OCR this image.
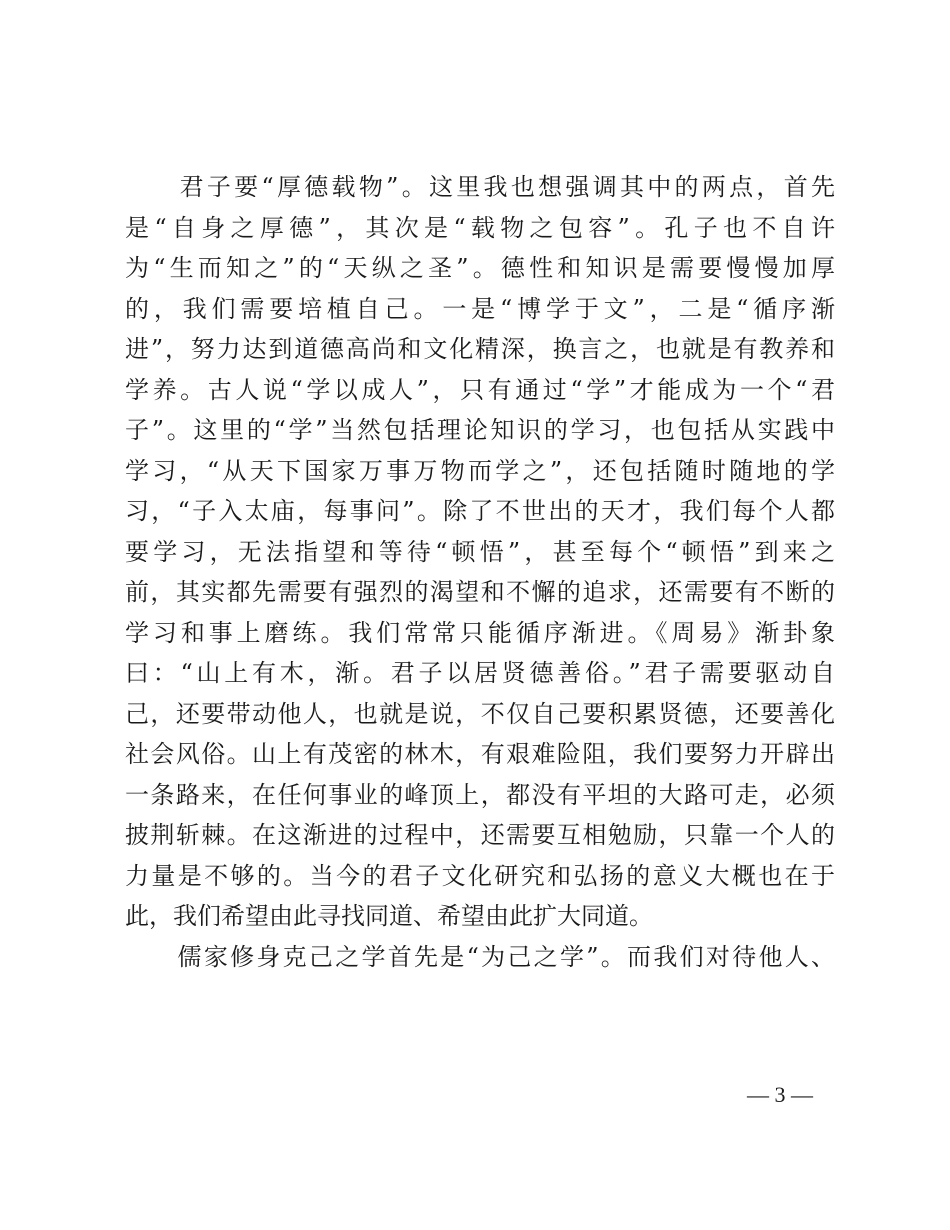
　　君子要“厚德载物”。这里我也想强调其中的两点，首先
是“自身之厚德”，其次是“载物之包容”。孔子也不自许
为“生而知之”的“天纵之圣”。德性和知识是需要慢慢加厚
的，我们需要培植自己。一是“博学于文”，二是“循序渐
进”，努力达到道德高尚和文化精深，换言之，也就是有教养和
学养。古人说“学以成人”，只有通过“学”才能成为一个“君
子”。这里的“学”当然包括理论知识的学习，也包括从实践中
学习，“从天下国家万事万物而学之”，还包括随时随地的学
习，“子入太庙，每事问”。除了不世出的天才，我们每个人都
要学习，无法指望和等待“顿悟”，甚至每个“顿悟”到来之
前，其实都先需要有强烈的渴望和不懈的追求，还需要有不断的
学习和事上磨练。我们常常只能循序渐进。《周易》渐卦象
曰：“山上有木，渐。君子以居贤德善俗。”君子需要驱动自
己，还要带动他人，也就是说，不仅自己要积累贤德，还要善化
社会风俗。山上有茂密的林木，有艰难险阻，我们要努力开辟出
一条路来，在任何事业的峰顶上，都没有平坦的大路可走，必须
披荆斩棘。在这渐进的过程中，还需要互相勉励，只靠一个人的
力量是不够的。当今的君子文化研究和弘扬的意义大概也在于
此，我们希望由此寻找同道、希望由此扩大同道。
　　儒家修身克己之学首先是“为己之学”。而我们对待他人、
— 3 —
